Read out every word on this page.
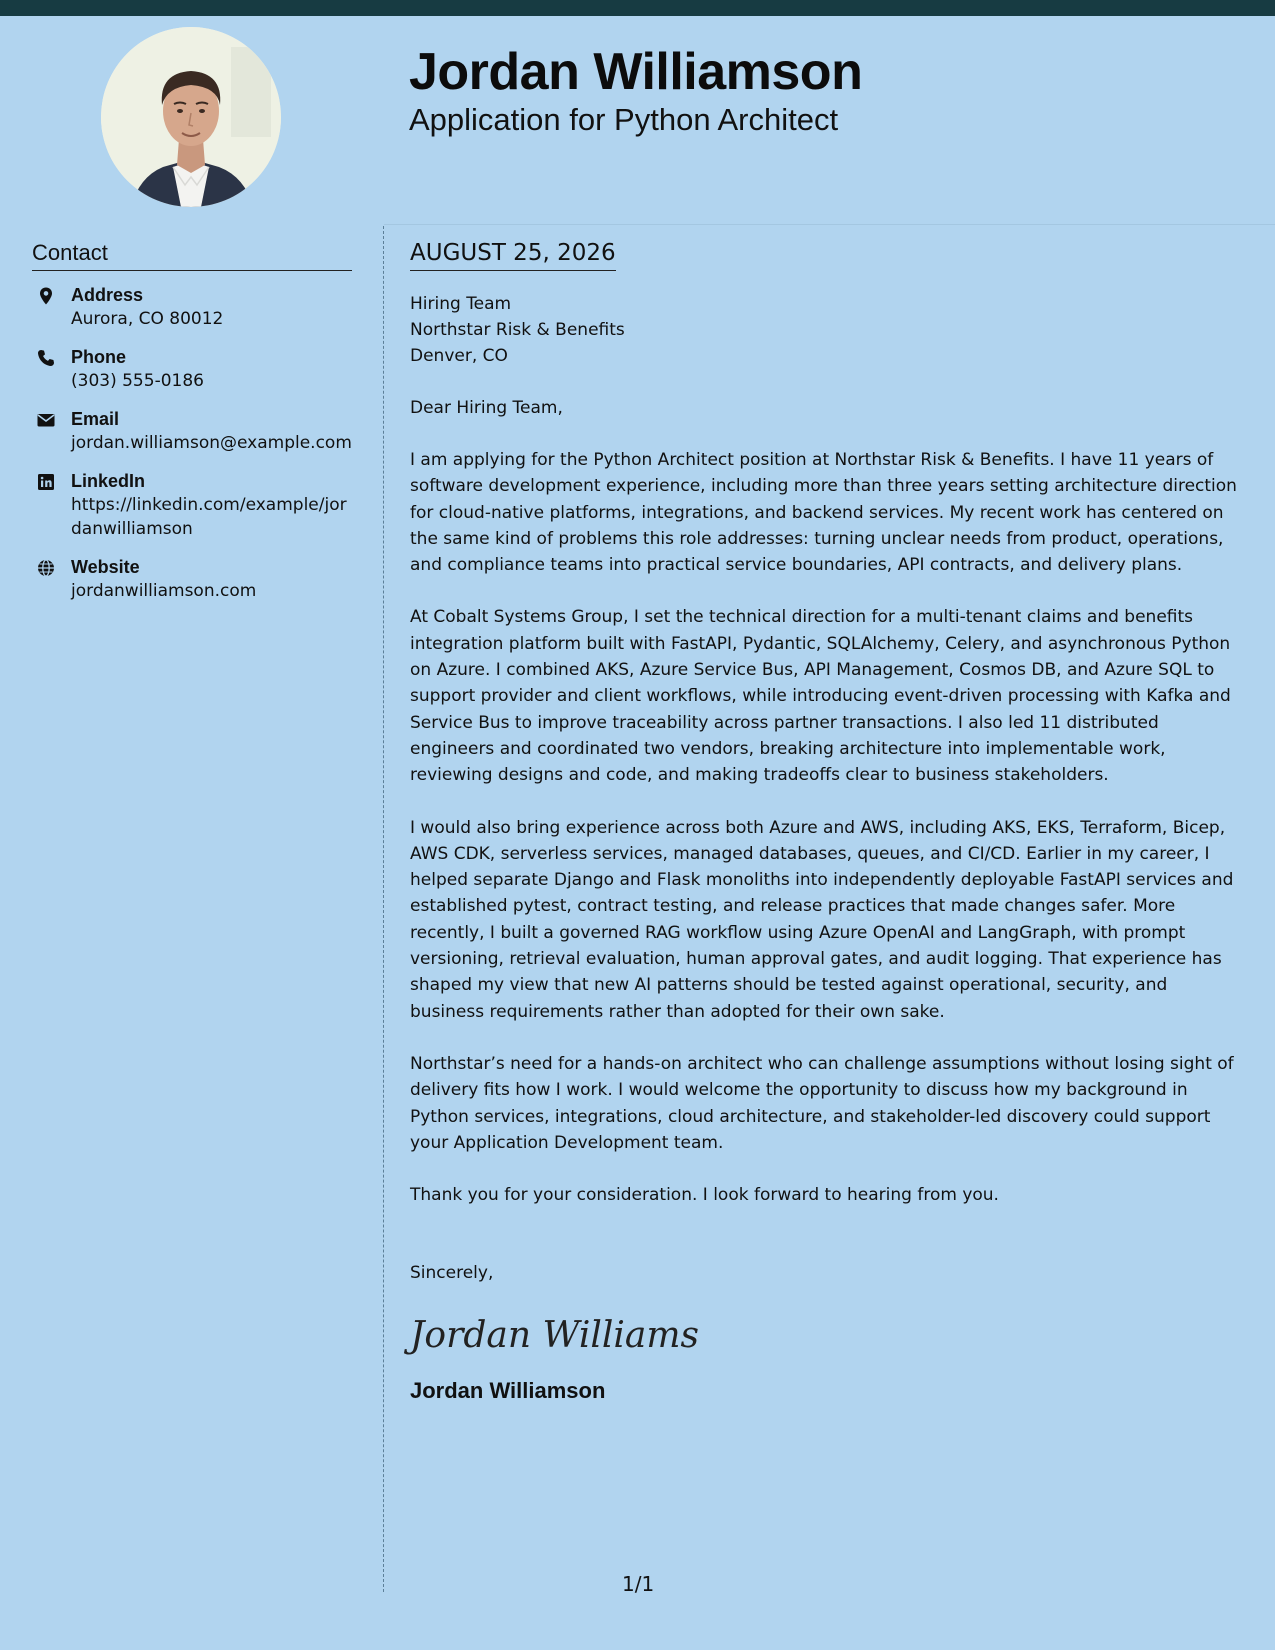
Jordan Williamson
Application for Python Architect
Contact
Address
Aurora, CO 80012
Phone
(303) 555-0186
Email
jordan.williamson@example.com
LinkedIn
https://linkedin.com/example/jordanwilliamson
Website
jordanwilliamson.com
AUGUST 25, 2026
Hiring Team
Northstar Risk & Benefits
Denver, CO
Dear Hiring Team,
I am applying for the Python Architect position at Northstar Risk & Benefits. I have 11 years of software development experience, including more than three years setting architecture direction for cloud-native platforms, integrations, and backend services. My recent work has centered on the same kind of problems this role addresses: turning unclear needs from product, operations, and compliance teams into practical service boundaries, API contracts, and delivery plans.
At Cobalt Systems Group, I set the technical direction for a multi-tenant claims and benefits integration platform built with FastAPI, Pydantic, SQLAlchemy, Celery, and asynchronous Python on Azure. I combined AKS, Azure Service Bus, API Management, Cosmos DB, and Azure SQL to support provider and client workflows, while introducing event-driven processing with Kafka and Service Bus to improve traceability across partner transactions. I also led 11 distributed engineers and coordinated two vendors, breaking architecture into implementable work, reviewing designs and code, and making tradeoffs clear to business stakeholders.
I would also bring experience across both Azure and AWS, including AKS, EKS, Terraform, Bicep, AWS CDK, serverless services, managed databases, queues, and CI/CD. Earlier in my career, I helped separate Django and Flask monoliths into independently deployable FastAPI services and established pytest, contract testing, and release practices that made changes safer. More recently, I built a governed RAG workflow using Azure OpenAI and LangGraph, with prompt versioning, retrieval evaluation, human approval gates, and audit logging. That experience has shaped my view that new AI patterns should be tested against operational, security, and business requirements rather than adopted for their own sake.
Northstar’s need for a hands-on architect who can challenge assumptions without losing sight of delivery fits how I work. I would welcome the opportunity to discuss how my background in Python services, integrations, cloud architecture, and stakeholder-led discovery could support your Application Development team.
Thank you for your consideration. I look forward to hearing from you.
Sincerely,
Jordan Williams
Jordan Williamson
1/1
